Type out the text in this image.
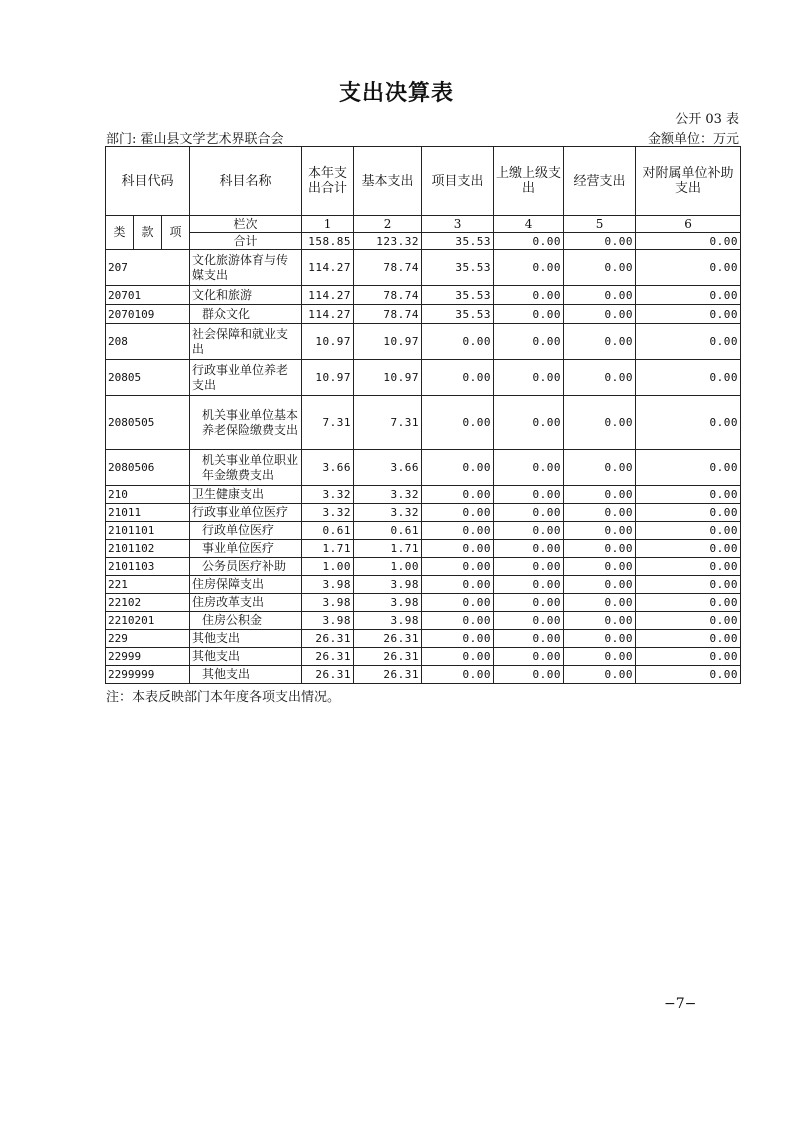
支出决算表
公开 03 表
部门: 霍山县文学艺术界联合会	金额单位：万元
科目代码			科目名称	本年支出合计	基本支出	项目支出	上缴上级支出	经营支出	对附属单位补助支出
类	款	项	栏次	1	2	3	4	5	6
			合计	158.85	123.32	35.53	0.00	0.00	0.00
207			文化旅游体育与传媒支出	114.27	78.74	35.53	0.00	0.00	0.00
20701			文化和旅游	114.27	78.74	35.53	0.00	0.00	0.00
2070109			群众文化	114.27	78.74	35.53	0.00	0.00	0.00
208			社会保障和就业支出	10.97	10.97	0.00	0.00	0.00	0.00
20805			行政事业单位养老支出	10.97	10.97	0.00	0.00	0.00	0.00
2080505			机关事业单位基本养老保险缴费支出	7.31	7.31	0.00	0.00	0.00	0.00
2080506			机关事业单位职业年金缴费支出	3.66	3.66	0.00	0.00	0.00	0.00
210			卫生健康支出	3.32	3.32	0.00	0.00	0.00	0.00
21011			行政事业单位医疗	3.32	3.32	0.00	0.00	0.00	0.00
2101101			行政单位医疗	0.61	0.61	0.00	0.00	0.00	0.00
2101102			事业单位医疗	1.71	1.71	0.00	0.00	0.00	0.00
2101103			公务员医疗补助	1.00	1.00	0.00	0.00	0.00	0.00
221			住房保障支出	3.98	3.98	0.00	0.00	0.00	0.00
22102			住房改革支出	3.98	3.98	0.00	0.00	0.00	0.00
2210201			住房公积金	3.98	3.98	0.00	0.00	0.00	0.00
229			其他支出	26.31	26.31	0.00	0.00	0.00	0.00
22999			其他支出	26.31	26.31	0.00	0.00	0.00	0.00
2299999			其他支出	26.31	26.31	0.00	0.00	0.00	0.00
注：本表反映部门本年度各项支出情况。
−7−
